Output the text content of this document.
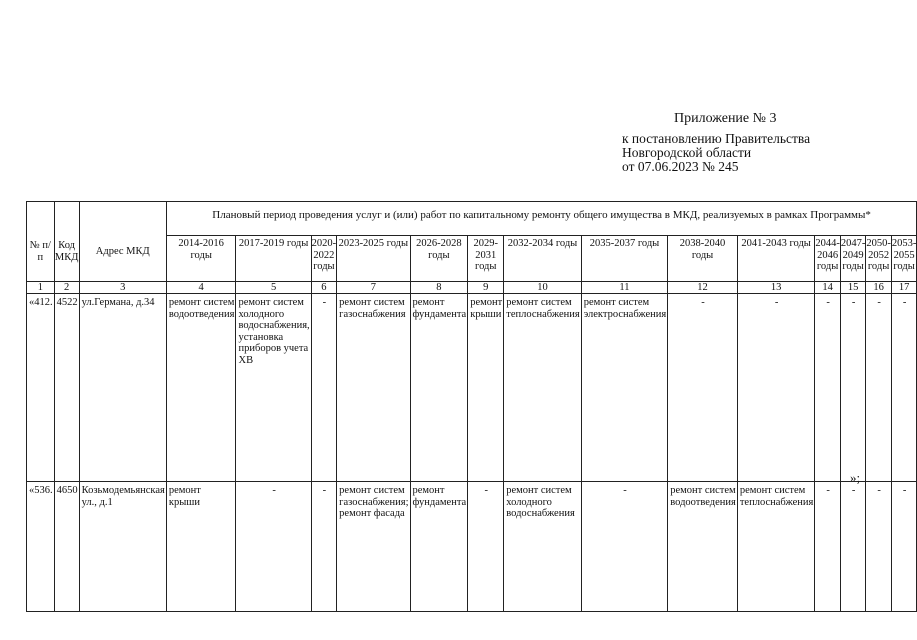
Приложение № 3
к постановлению Правительства
Новгородской области
от 07.06.2023 № 245
№ п/п	Код МКД	Адрес МКД	Плановый период проведения услуг и (или) работ по капитальному ремонту общего имущества в МКД, реализуемых в рамках Программы*													
			2014-2016 годы	2017-2019 годы	2020-2022 годы	2023-2025 годы	2026-2028 годы	2029-2031 годы	2032-2034 годы	2035-2037 годы	2038-2040 годы	2041-2043 годы	2044-2046 годы	2047-2049 годы	2050-2052 годы	2053-2055 годы
1	2	3	4	5	6	7	8	9	10	11	12	13	14	15	16	17
«412.	4522	ул.Германа, д.34	ремонт систем водоотведения	ремонт систем холодного водоснабжения, установка приборов учета ХВ	-	ремонт систем газоснабжения	ремонт фундамента	ремонт крыши	ремонт систем теплоснабжения	ремонт систем электроснабжения	-	-	-	-	-	-
«536.	4650	Козьмодемьянская ул., д.1	ремонт крыши	-	-	ремонт систем газоснабжения; ремонт фасада	ремонт фундамента	-	ремонт систем холодного водоснабжения	-	ремонт систем водоотведения	ремонт систем теплоснабжения	-	-	-	-
»;
